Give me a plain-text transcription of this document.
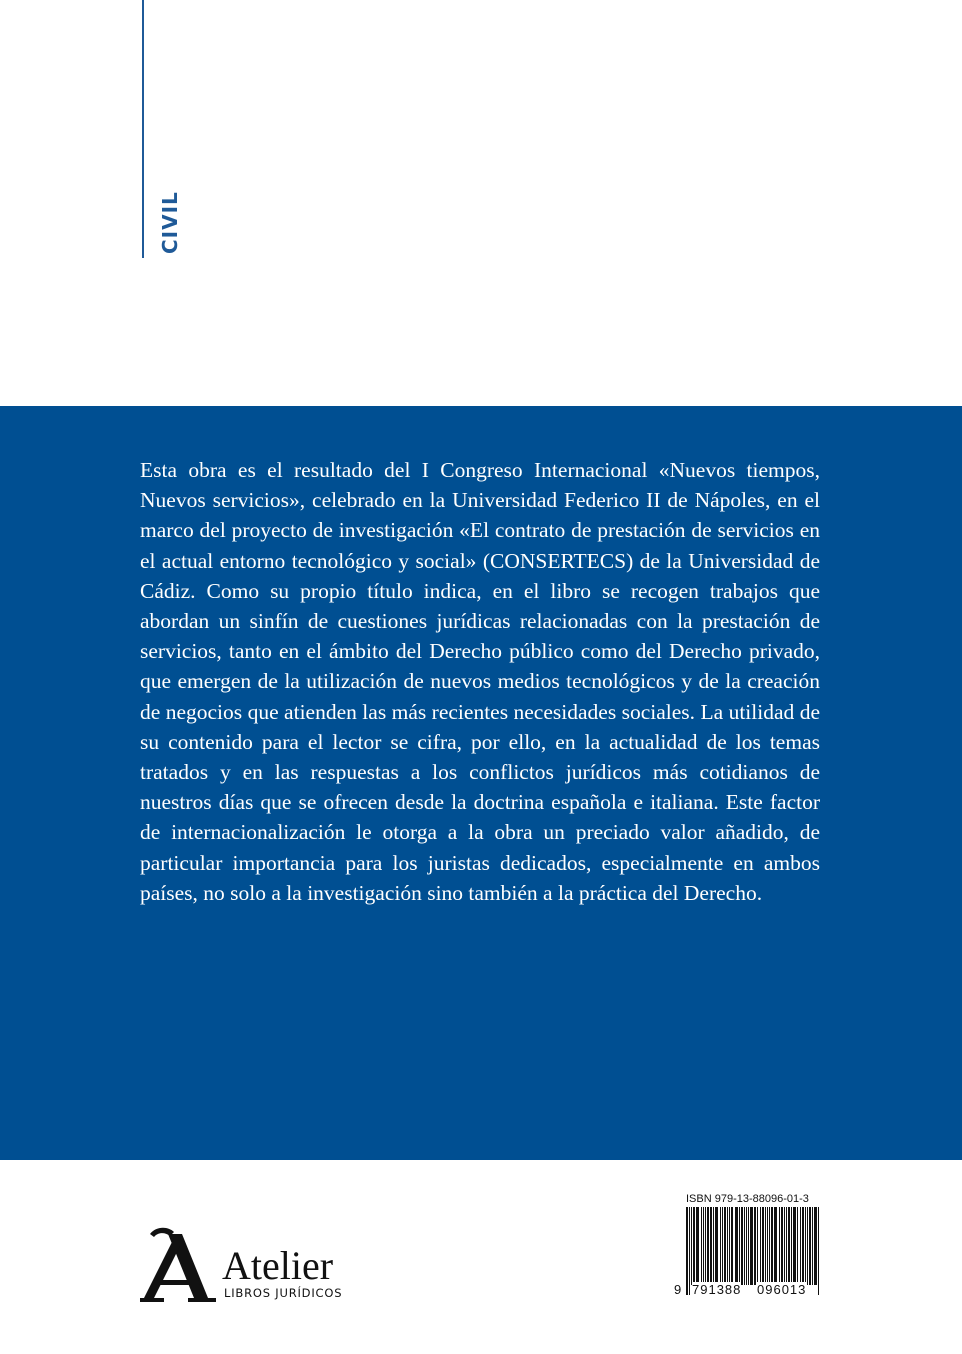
CIVIL

Esta obra es el resultado del I Congreso Internacional «Nuevos tiempos, Nuevos servicios», celebrado en la Universidad Federico II de Nápoles, en el marco del proyecto de investigación «El contrato de prestación de servicios en el actual entorno tecnológico y social» (CONSERTECS) de la Universidad de Cádiz. Como su propio título indica, en el libro se recogen trabajos que abordan un sinfín de cuestiones jurídicas relacionadas con la prestación de servicios, tanto en el ámbito del Derecho público como del Derecho privado, que emergen de la utilización de nuevos medios tecnológicos y de la creación de negocios que atienden las más recientes necesidades sociales. La utilidad de su contenido para el lector se cifra, por ello, en la actualidad de los temas tratados y en las respuestas a los conflictos jurídicos más cotidianos de nuestros días que se ofrecen desde la doctrina española e italiana. Este factor de internacionalización le otorga a la obra un preciado valor añadido, de particular importancia para los juristas dedicados, especialmente en ambos países, no solo a la investigación sino también a la práctica del Derecho.

Atelier
LIBROS JURÍDICOS
ISBN 979-13-88096-01-3
9 791388 096013
